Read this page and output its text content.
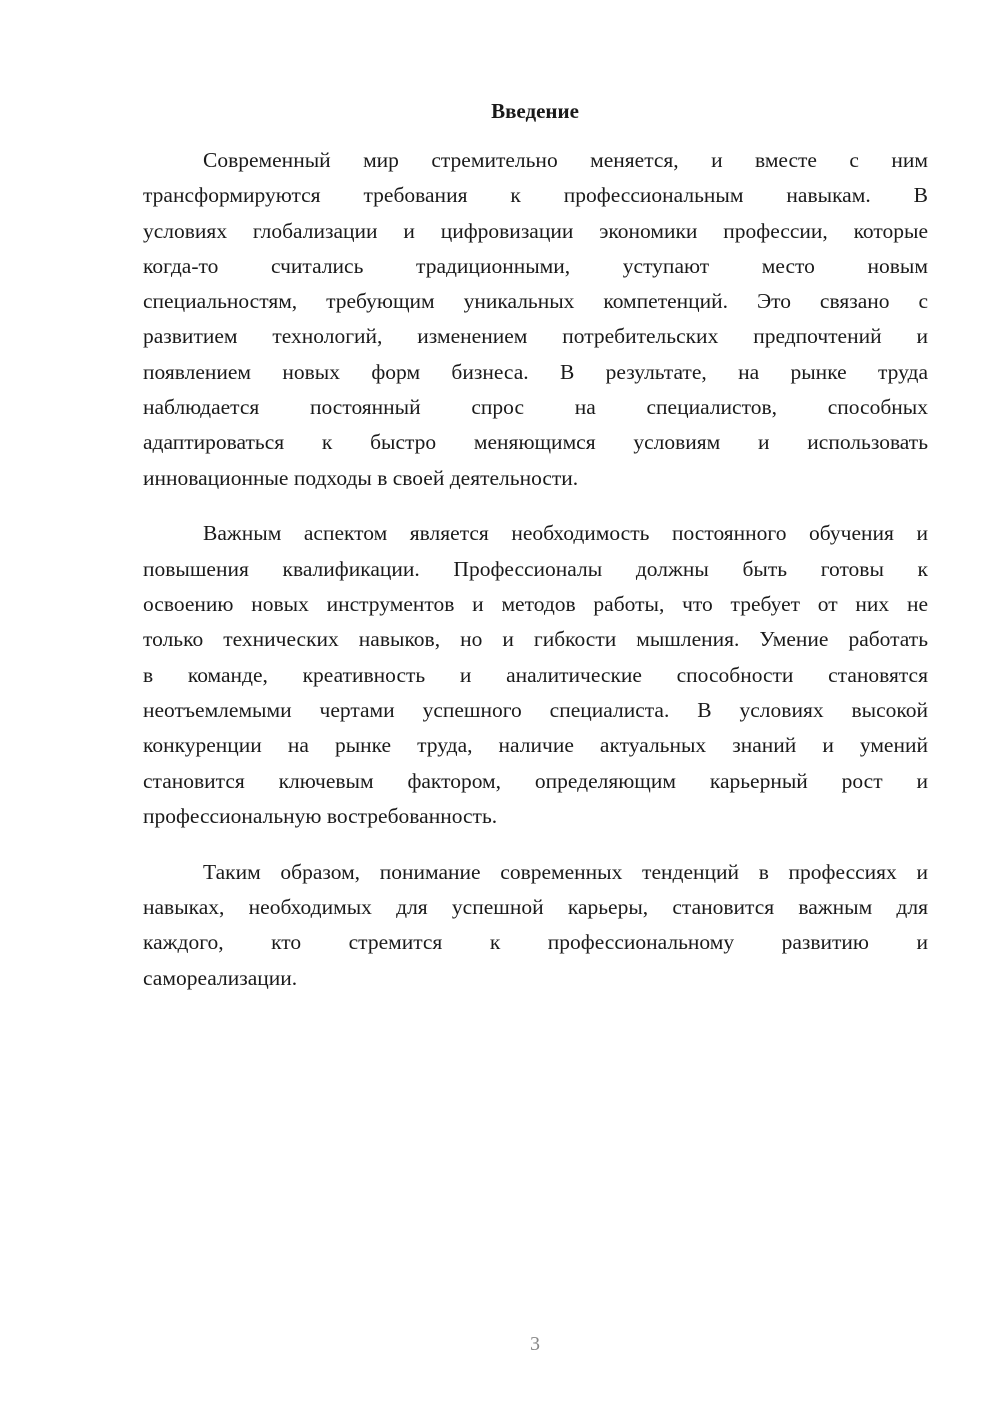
Введение
Современный мир стремительно меняется, и вместе с ним
трансформируются требования к профессиональным навыкам. В
условиях глобализации и цифровизации экономики профессии, которые
когда-то считались традиционными, уступают место новым
специальностям, требующим уникальных компетенций. Это связано с
развитием технологий, изменением потребительских предпочтений и
появлением новых форм бизнеса. В результате, на рынке труда
наблюдается постоянный спрос на специалистов, способных
адаптироваться к быстро меняющимся условиям и использовать
инновационные подходы в своей деятельности.
Важным аспектом является необходимость постоянного обучения и
повышения квалификации. Профессионалы должны быть готовы к
освоению новых инструментов и методов работы, что требует от них не
только технических навыков, но и гибкости мышления. Умение работать
в команде, креативность и аналитические способности становятся
неотъемлемыми чертами успешного специалиста. В условиях высокой
конкуренции на рынке труда, наличие актуальных знаний и умений
становится ключевым фактором, определяющим карьерный рост и
профессиональную востребованность.
Таким образом, понимание современных тенденций в профессиях и
навыках, необходимых для успешной карьеры, становится важным для
каждого, кто стремится к профессиональному развитию и
самореализации.
3
